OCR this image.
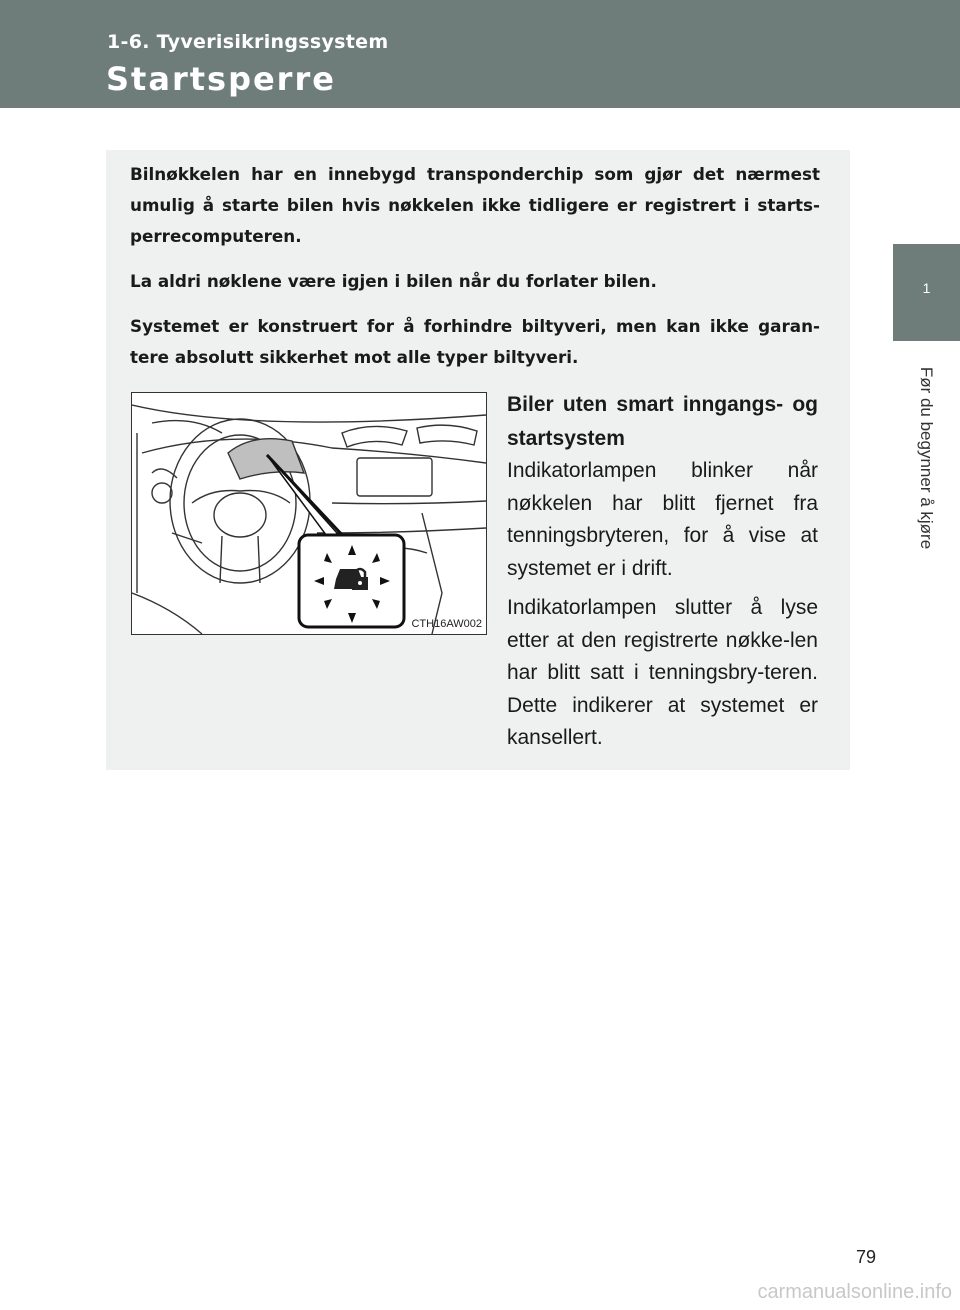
1-6. Tyverisikringssystem
Startsperre
1
Før du begynner å kjøre

Bilnøkkelen har en innebygd transponderchip som gjør det nærmest umulig å starte bilen hvis nøkkelen ikke tidligere er registrert i starts-perrecomputeren.

La aldri nøklene være igjen i bilen når du forlater bilen.

Systemet er konstruert for å forhindre biltyveri, men kan ikke garan-tere absolutt sikkerhet mot alle typer biltyveri.

CTH16AW002

Biler uten smart inngangs- og startsystem

Indikatorlampen blinker når nøkkelen har blitt fjernet fra tenningsbryteren, for å vise at systemet er i drift.

Indikatorlampen slutter å lyse etter at den registrerte nøkke-len har blitt satt i tenningsbry-teren. Dette indikerer at systemet er kansellert.

79
carmanualsonline.info
